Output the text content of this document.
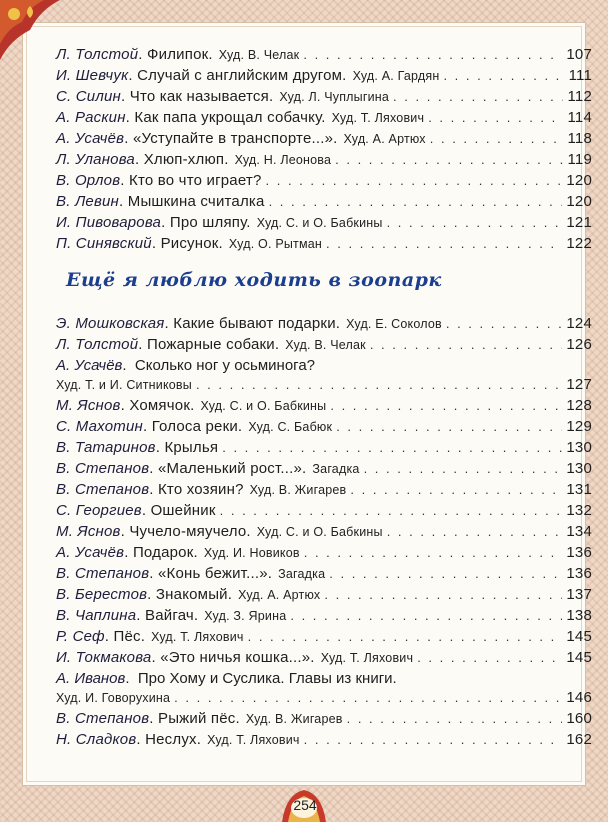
Л. Толстой . Филипок. Худ. В. Челак . . .	107
И. Шевчук . Случай с английским другом. Худ. А. Гардян . . .	111
С. Силин . Что как называется. Худ. Л. Чуплыгина . . .	112
А. Раскин . Как папа укрощал собачку. Худ. Т. Ляхович . . .	114
А. Усачёв . «Уступайте в транспорте...». Худ. А. Артюх . . .	118
Л. Уланова . Хлюп-хлюп. Худ. Н. Леонова . . .	119
В. Орлов . Кто во что играет? . . .	120
В. Левин . Мышкина считалка . . .	120
И. Пивоварова . Про шляпу. Худ. С. и О. Бабкины . . .	121
П. Синявский . Рисунок. Худ. О. Рытман . . .	122
Ещё я люблю ходить в зоопарк
Э. Мошковская . Какие бывают подарки. Худ. Е. Соколов . . .	124
Л. Толстой . Пожарные собаки. Худ. В. Челак . . .	126
А. Усачёв.  Сколько ног у осьминога?
Худ. Т. и И. Ситниковы . . .	127
М. Яснов . Хомячок. Худ. С. и О. Бабкины . . .	128
С. Махотин . Голоса реки. Худ. С. Бабюк . . .	129
В. Татаринов . Крылья . . .	130
В. Степанов . «Маленький рост...». Загадка . . .	130
В. Степанов . Кто хозяин? Худ. В. Жигарев . . .	131
С. Георгиев . Ошейник . . .	132
М. Яснов . Чучело-мяучело. Худ. С. и О. Бабкины . . .	134
А. Усачёв . Подарок. Худ. И. Новиков . . .	136
В. Степанов . «Конь бежит...». Загадка . . .	136
В. Берестов . Знакомый. Худ. А. Артюх . . .	137
В. Чаплина . Вайгач. Худ. З. Ярина . . .	138
Р. Сеф . Пёс. Худ. Т. Ляхович . . .	145
И. Токмакова . «Это ничья кошка...». Худ. Т. Ляхович . . .	145
А. Иванов.  Про Хому и Суслика. Главы из книги.
Худ. И. Говорухина . . .	146
В. Степанов . Рыжий пёс. Худ. В. Жигарев . . .	160
Н. Сладков . Неслух. Худ. Т. Ляхович . . .	162
254
